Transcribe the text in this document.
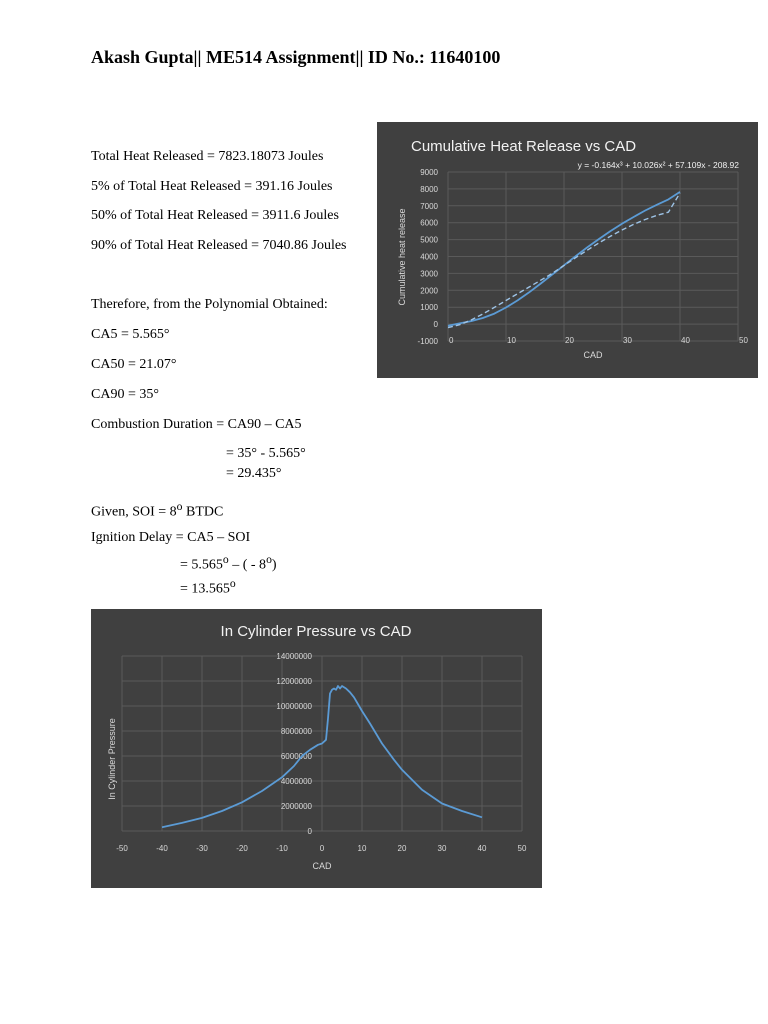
Akash Gupta|| ME514 Assignment|| ID No.: 11640100

Total Heat Released = 7823.18073 Joules

5% of Total Heat Released = 391.16 Joules

50% of Total Heat Released = 3911.6 Joules

90% of Total Heat Released = 7040.86 Joules

Therefore, from the Polynomial Obtained:

CA5 = 5.565°

CA50 = 21.07°

CA90 = 35°

Combustion Duration = CA90 – CA5

= 35° - 5.565°

= 29.435°

Given, SOI = $8^o$ BTDC

Ignition Delay = CA5 – SOI

= $5.565^o$ – ( - 8$^o$)

= $13.565^o$

-1000
0
1000
2000
3000
4000
5000
6000
7000
8000
9000
0	10	20	30	40	50
Cumulative Heat Release vs CAD
y = -0.164x³ + 10.026x² + 57.109x - 208.92
CAD
Cumulative heat release
0
2000000
4000000
6000000
8000000
10000000
12000000
14000000
-50	-40	-30	-20	-10	0	10	20	30	40	50
In Cylinder Pressure vs CAD
CAD
In Cylinder Pressure
